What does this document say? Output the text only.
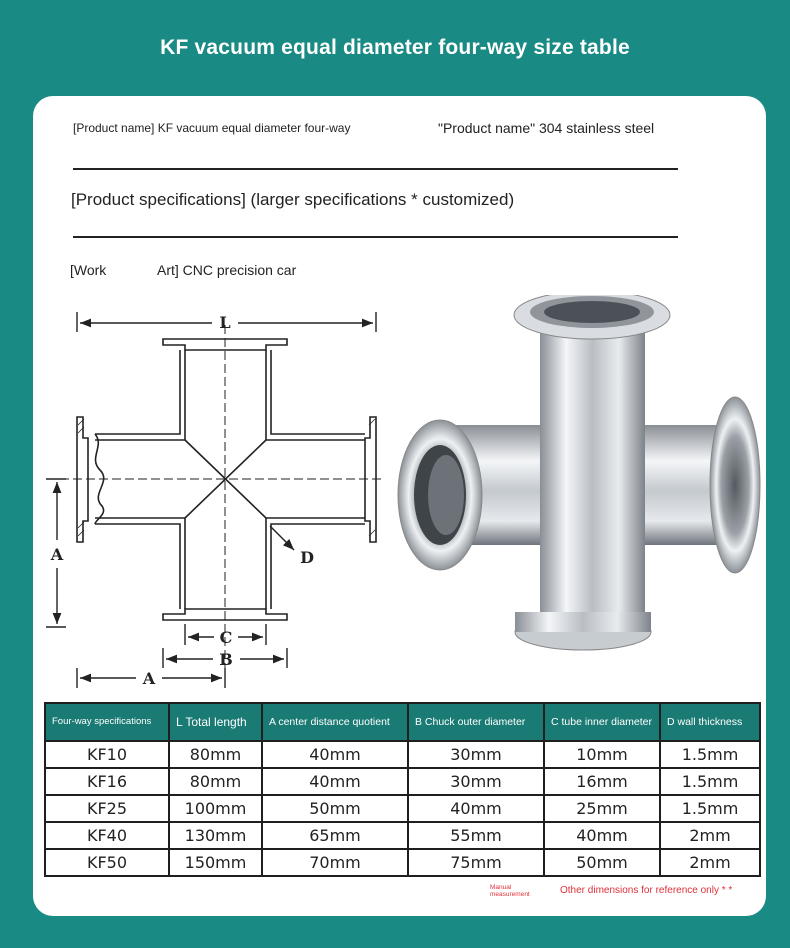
KF vacuum equal diameter four-way size table
[Product name] KF vacuum equal diameter four-way	"Product name" 304 stainless steel
[Product specifications] (larger specifications * customized)
[Work	Art] CNC precision car
L
A
C
B
A
D
Four-way specifications	L Total length	A center distance quotient	B Chuck outer diameter	C tube inner diameter	D wall thickness
KF10	80mm	40mm	30mm	10mm	1.5mm
KF16	80mm	40mm	30mm	16mm	1.5mm
KF25	100mm	50mm	40mm	25mm	1.5mm
KF40	130mm	65mm	55mm	40mm	2mm
KF50	150mm	70mm	75mm	50mm	2mm
Manual measurement	Other dimensions for reference only * *
